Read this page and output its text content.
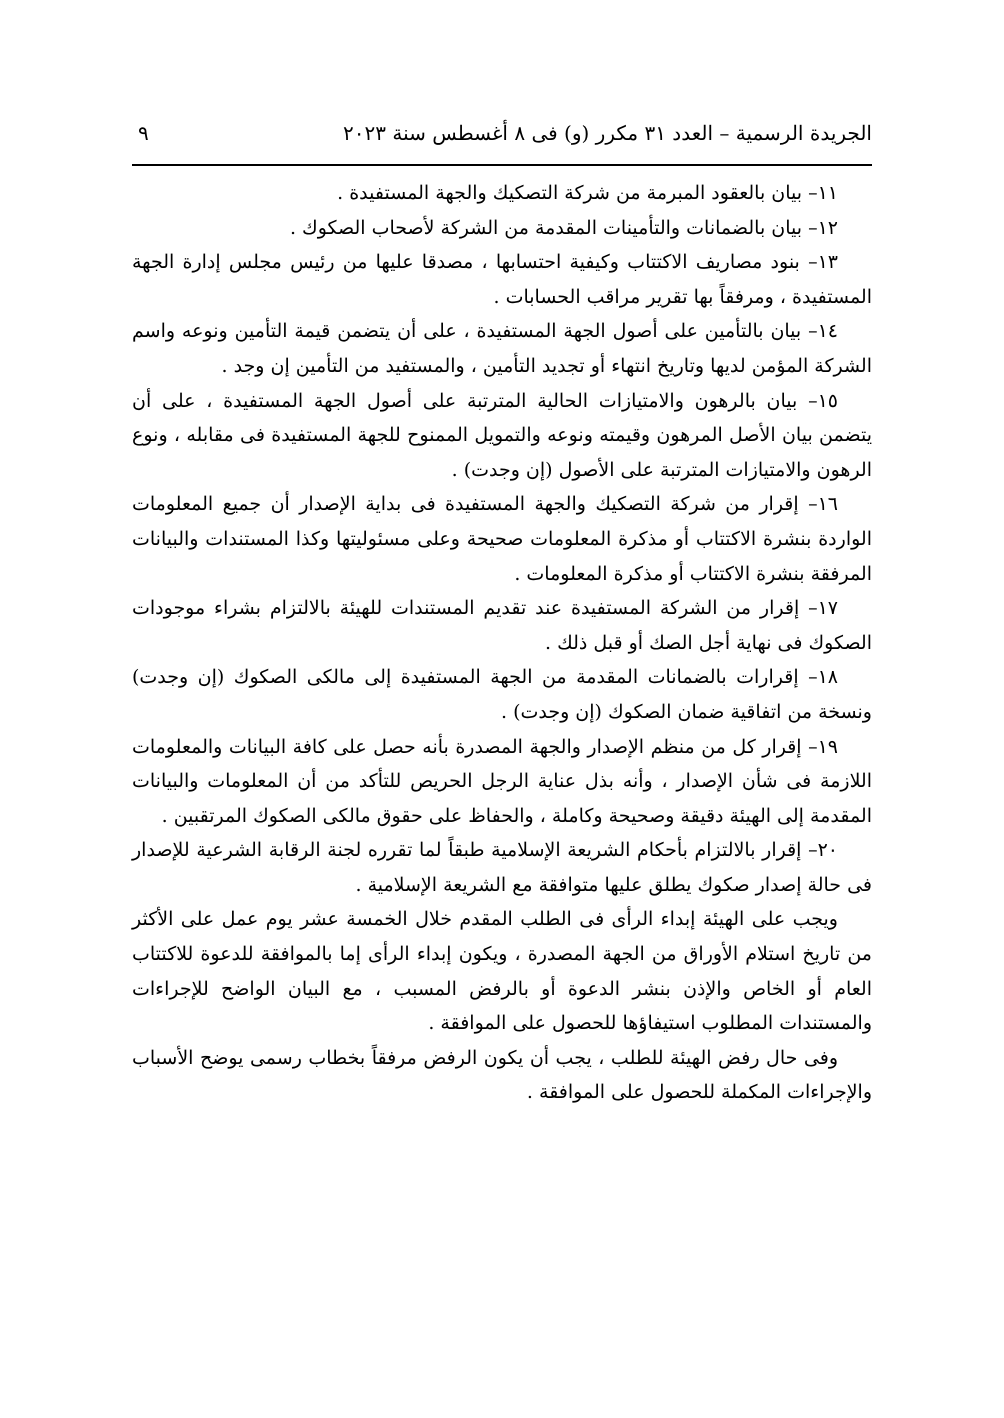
الجريدة الرسمية – العدد ٣١ مكرر (و) فى ٨ أغسطس سنة ٢٠٢٣
٩

١١– بيان بالعقود المبرمة من شركة التصكيك والجهة المستفيدة .

١٢– بيان بالضمانات والتأمينات المقدمة من الشركة لأصحاب الصكوك .

١٣– بنود مصاريف الاكتتاب وكيفية احتسابها ، مصدقا عليها من رئيس مجلس إدارة الجهة المستفيدة ، ومرفقاً بها تقرير مراقب الحسابات .

١٤– بيان بالتأمين على أصول الجهة المستفيدة ، على أن يتضمن قيمة التأمين ونوعه واسم الشركة المؤمن لديها وتاريخ انتهاء أو تجديد التأمين ، والمستفيد من التأمين إن وجد .

١٥– بيان بالرهون والامتيازات الحالية المترتبة على أصول الجهة المستفيدة ، على أن يتضمن بيان الأصل المرهون وقيمته ونوعه والتمويل الممنوح للجهة المستفيدة فى مقابله ، ونوع الرهون والامتيازات المترتبة على الأصول (إن وجدت) .

١٦– إقرار من شركة التصكيك والجهة المستفيدة فى بداية الإصدار أن جميع المعلومات الواردة بنشرة الاكتتاب أو مذكرة المعلومات صحيحة وعلى مسئوليتها وكذا المستندات والبيانات المرفقة بنشرة الاكتتاب أو مذكرة المعلومات .

١٧– إقرار من الشركة المستفيدة عند تقديم المستندات للهيئة بالالتزام بشراء موجودات الصكوك فى نهاية أجل الصك أو قبل ذلك .

١٨– إقرارات بالضمانات المقدمة من الجهة المستفيدة إلى مالكى الصكوك (إن وجدت) ونسخة من اتفاقية ضمان الصكوك (إن وجدت) .

١٩– إقرار كل من منظم الإصدار والجهة المصدرة بأنه حصل على كافة البيانات والمعلومات اللازمة فى شأن الإصدار ، وأنه بذل عناية الرجل الحريص للتأكد من أن المعلومات والبيانات المقدمة إلى الهيئة دقيقة وصحيحة وكاملة ، والحفاظ على حقوق مالكى الصكوك المرتقبين .

٢٠– إقرار بالالتزام بأحكام الشريعة الإسلامية طبقاً لما تقرره لجنة الرقابة الشرعية للإصدار فى حالة إصدار صكوك يطلق عليها متوافقة مع الشريعة الإسلامية .

ويجب على الهيئة إبداء الرأى فى الطلب المقدم خلال الخمسة عشر يوم عمل على الأكثر من تاريخ استلام الأوراق من الجهة المصدرة ، ويكون إبداء الرأى إما بالموافقة للدعوة للاكتتاب العام أو الخاص والإذن بنشر الدعوة أو بالرفض المسبب ، مع البيان الواضح للإجراءات والمستندات المطلوب استيفاؤها للحصول على الموافقة .

وفى حال رفض الهيئة للطلب ، يجب أن يكون الرفض مرفقاً بخطاب رسمى يوضح الأسباب والإجراءات المكملة للحصول على الموافقة .
